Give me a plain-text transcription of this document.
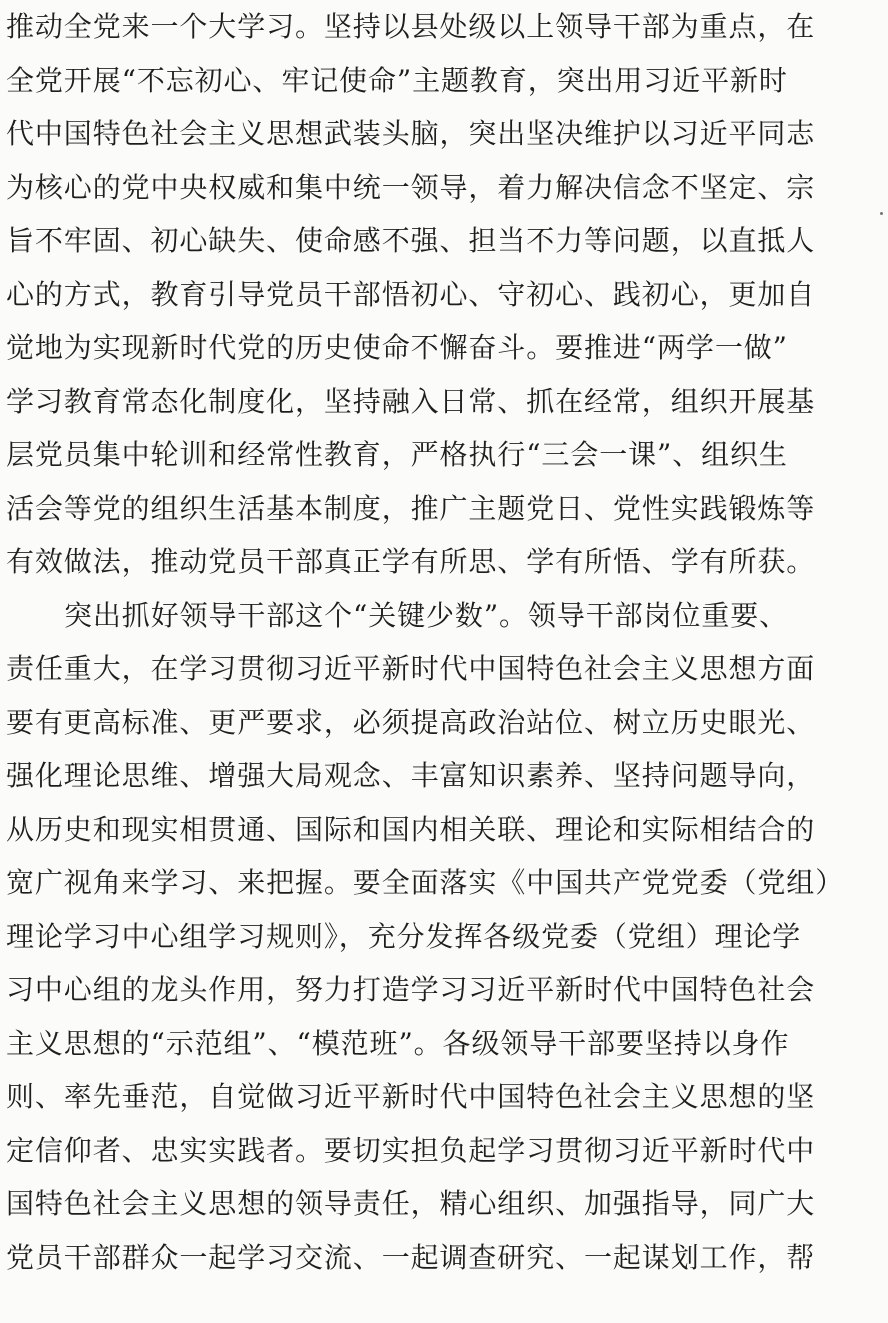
推动全党来一个大学习。坚持以县处级以上领导干部为重点，在
全党开展“不忘初心、牢记使命”主题教育，突出用习近平新时
代中国特色社会主义思想武装头脑，突出坚决维护以习近平同志
为核心的党中央权威和集中统一领导，着力解决信念不坚定、宗
旨不牢固、初心缺失、使命感不强、担当不力等问题，以直抵人
心的方式，教育引导党员干部悟初心、守初心、践初心，更加自
觉地为实现新时代党的历史使命不懈奋斗。要推进“两学一做”
学习教育常态化制度化，坚持融入日常、抓在经常，组织开展基
层党员集中轮训和经常性教育，严格执行“三会一课”、组织生
活会等党的组织生活基本制度，推广主题党日、党性实践锻炼等
有效做法，推动党员干部真正学有所思、学有所悟、学有所获。
突出抓好领导干部这个“关键少数”。领导干部岗位重要、
责任重大，在学习贯彻习近平新时代中国特色社会主义思想方面
要有更高标准、更严要求，必须提高政治站位、树立历史眼光、
强化理论思维、增强大局观念、丰富知识素养、坚持问题导向，
从历史和现实相贯通、国际和国内相关联、理论和实际相结合的
宽广视角来学习、来把握。要全面落实《中国共产党党委（党组）
理论学习中心组学习规则》，充分发挥各级党委（党组）理论学
习中心组的龙头作用，努力打造学习习近平新时代中国特色社会
主义思想的“示范组”、“模范班”。各级领导干部要坚持以身作
则、率先垂范，自觉做习近平新时代中国特色社会主义思想的坚
定信仰者、忠实实践者。要切实担负起学习贯彻习近平新时代中
国特色社会主义思想的领导责任，精心组织、加强指导，同广大
党员干部群众一起学习交流、一起调查研究、一起谋划工作，帮
